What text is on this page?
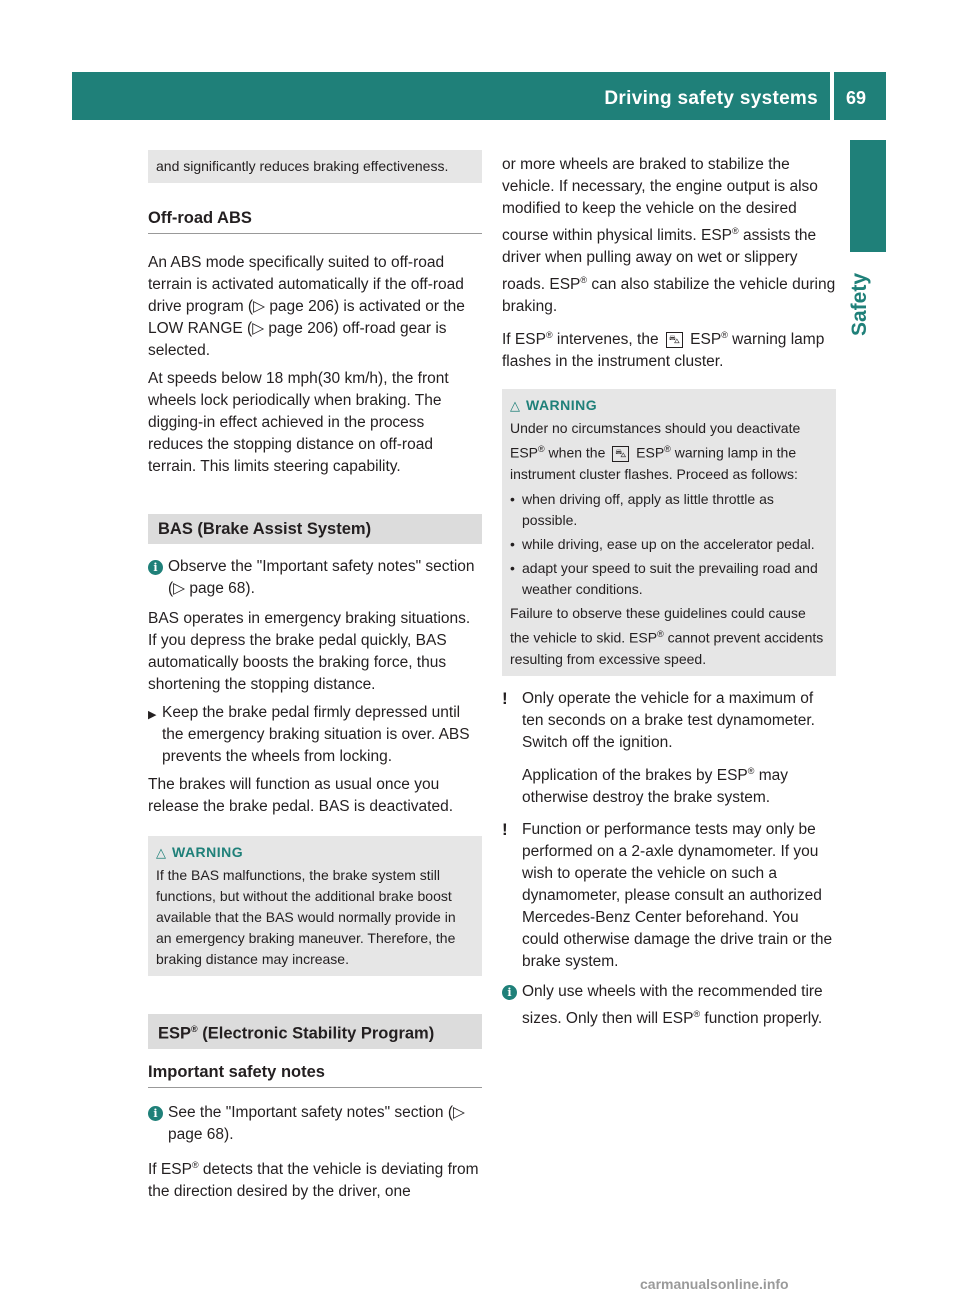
Driving safety systems	69
Safety
and significantly reduces braking effectiveness.
Off-road ABS

An ABS mode specifically suited to off-road terrain is activated automatically if the off-road drive program (▷ page 206) is activated or the LOW RANGE (▷ page 206) off-road gear is selected.

At speeds below 18 mph(30 km/h), the front wheels lock periodically when braking. The digging-in effect achieved in the process reduces the stopping distance on off-road terrain. This limits steering capability.

BAS (Brake Assist System)
i Observe the "Important safety notes" section (▷ page 68).

BAS operates in emergency braking situations. If you depress the brake pedal quickly, BAS automatically boosts the braking force, thus shortening the stopping distance.

▶ Keep the brake pedal firmly depressed until the emergency braking situation is over. ABS prevents the wheels from locking.

The brakes will function as usual once you release the brake pedal. BAS is deactivated.

△ WARNING
If the BAS malfunctions, the brake system still functions, but without the additional brake boost available that the BAS would normally provide in an emergency braking maneuver. Therefore, the braking distance may increase.
ESP® (Electronic Stability Program)
Important safety notes
i See the "Important safety notes" section (▷ page 68).

If ESP® detects that the vehicle is deviating from the direction desired by the driver, one

or more wheels are braked to stabilize the vehicle. If necessary, the engine output is also modified to keep the vehicle on the desired course within physical limits. ESP® assists the driver when pulling away on wet or slippery roads. ESP® can also stabilize the vehicle during braking.

If ESP® intervenes, the ⛍ ESP® warning lamp flashes in the instrument cluster.

△ WARNING
Under no circumstances should you deactivate ESP® when the ⛍ ESP® warning lamp in the instrument cluster flashes. Proceed as follows:
• when driving off, apply as little throttle as possible.
• while driving, ease up on the accelerator pedal.
• adapt your speed to suit the prevailing road and weather conditions.
Failure to observe these guidelines could cause the vehicle to skid. ESP® cannot prevent accidents resulting from excessive speed.
! Only operate the vehicle for a maximum of ten seconds on a brake test dynamometer. Switch off the ignition.

Application of the brakes by ESP® may otherwise destroy the brake system.

! Function or performance tests may only be performed on a 2-axle dynamometer. If you wish to operate the vehicle on such a dynamometer, please consult an authorized Mercedes-Benz Center beforehand. You could otherwise damage the drive train or the brake system.
i Only use wheels with the recommended tire sizes. Only then will ESP® function properly.
carmanualsonline.info
